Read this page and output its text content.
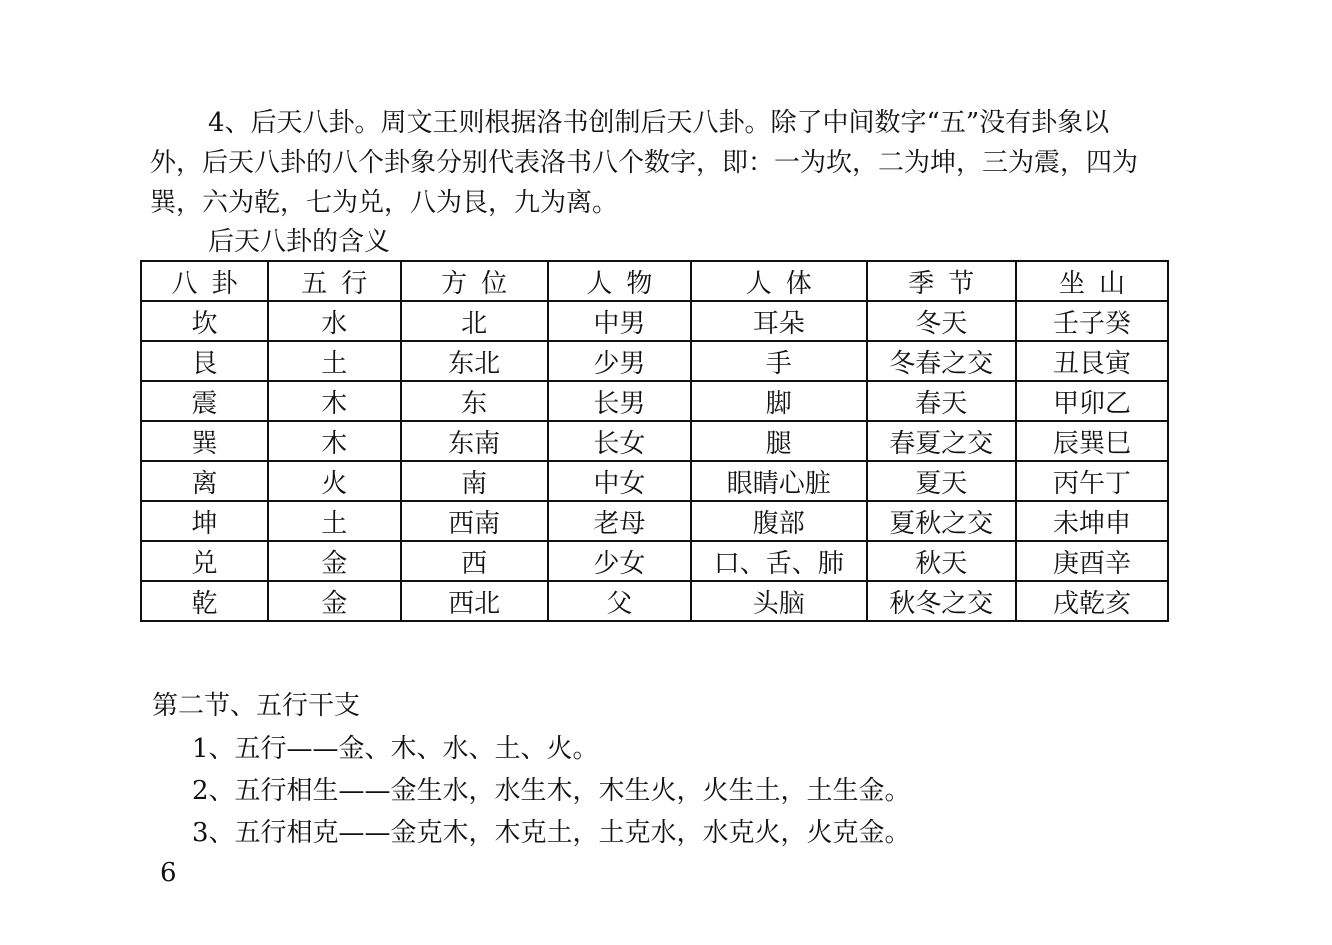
4、后天八卦。周文王则根据洛书创制后天八卦。除了中间数字“五”没有卦象以
外，后天八卦的八个卦象分别代表洛书八个数字，即：一为坎，二为坤，三为震，四为
巽，六为乾，七为兑，八为艮，九为离。
后天八卦的含义
八卦	五行	方位	人物	人体	季节	坐山
坎	水	北	中男	耳朵	冬天	壬子癸
艮	土	东北	少男	手	冬春之交	丑艮寅
震	木	东	长男	脚	春天	甲卯乙
巽	木	东南	长女	腿	春夏之交	辰巽巳
离	火	南	中女	眼睛心脏	夏天	丙午丁
坤	土	西南	老母	腹部	夏秋之交	未坤申
兑	金	西	少女	口、舌、肺	秋天	庚酉辛
乾	金	西北	父	头脑	秋冬之交	戌乾亥
第二节、五行干支
1、五行——金、木、水、土、火。
2、五行相生——金生水，水生木，木生火，火生土，土生金。
3、五行相克——金克木，木克土，土克水，水克火，火克金。
6
